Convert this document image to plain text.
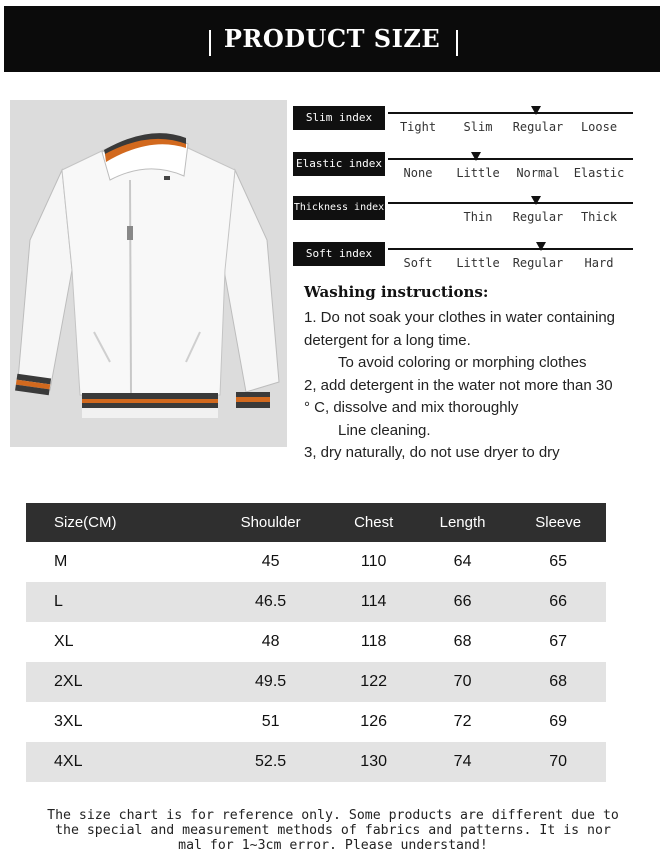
PRODUCT SIZE
Slim index
Tight Slim Regular Loose
Elastic index
None Little Normal Elastic
Thickness index
Thin Regular Thick
Soft index
Soft Little Regular Hard
Washing instructions:
1. Do not soak your clothes in water containing
detergent for a long time.
To avoid coloring or morphing clothes
2, add detergent in the water not more than 30
° C, dissolve and mix thoroughly
Line cleaning.
3, dry naturally, do not use dryer to dry
Size(CM)	Shoulder	Chest	Length	Sleeve
M	45	110	64	65
L	46.5	114	66	66
XL	48	118	68	67
2XL	49.5	122	70	68
3XL	51	126	72	69
4XL	52.5	130	74	70
The size chart is for reference only. Some products are different due to
the special and measurement methods of fabrics and patterns. It is nor
mal for 1~3cm error. Please understand!
